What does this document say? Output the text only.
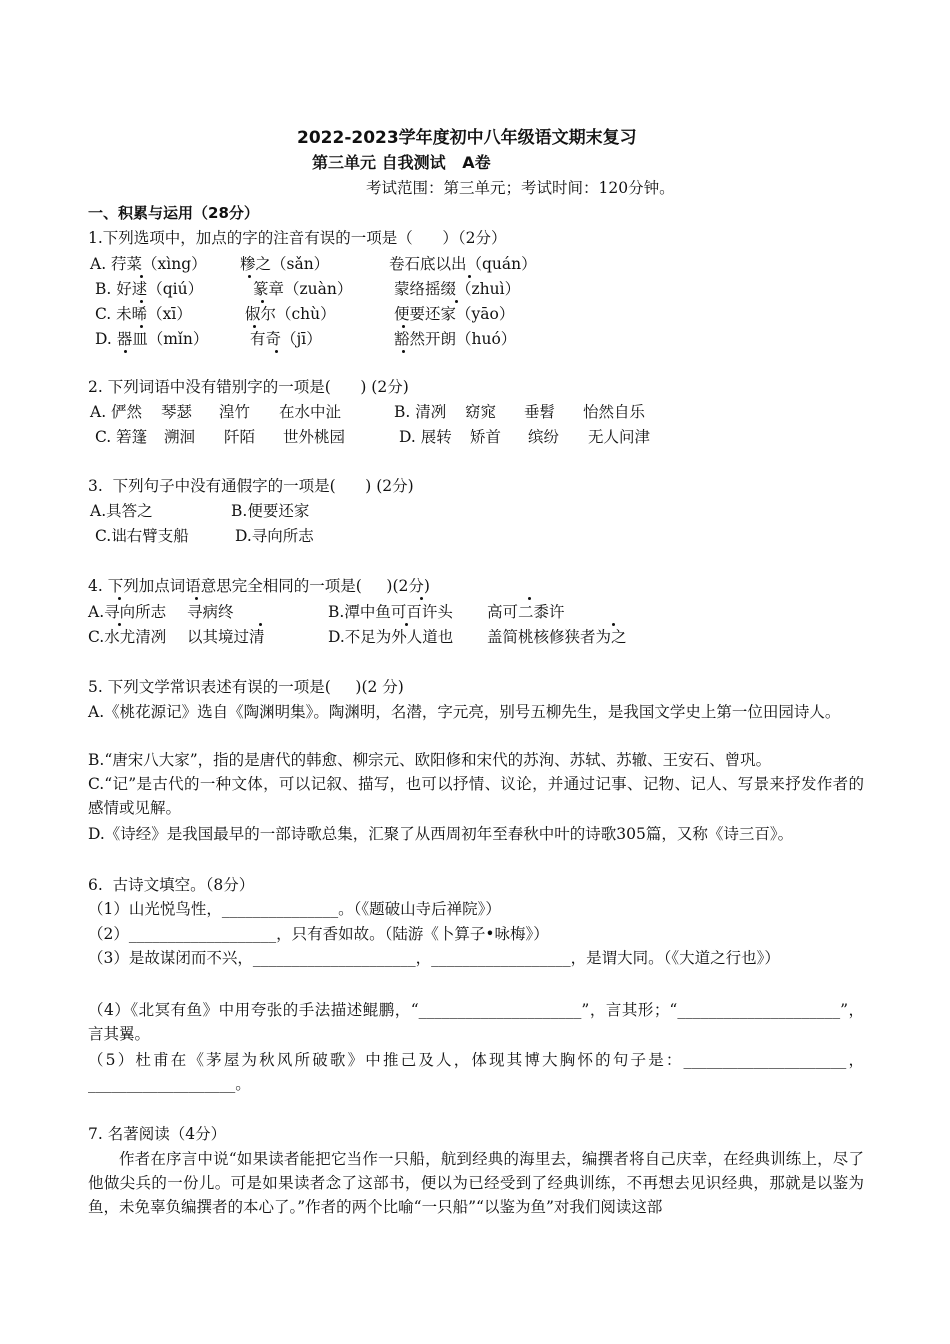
2022-2023学年度初中八年级语文期末复习
第三单元 自我测试   A卷
考试范围：第三单元；考试时间：120分钟。
一、积累与运用（28分）
1.下列选项中，加点的字的注音有误的一项是（      ）（2分）
A. 荇菜（xìng） 糁之（sǎn）	卷石底以出（quán）
B. 好逑（qiú）	篆章（zuàn）	蒙络摇缀（zhuì）
C. 未晞（xī）	俶尔（chù）	便要还家（yāo）
D. 器皿（mǐn）	有奇（jī）	豁然开朗（huó）
2. 下列词语中没有错别字的一项是(      ) (2分)
A. 俨然 琴瑟 湟竹 在水中沚	B. 清冽 窈窕 垂髫 怡然自乐
C. 箬篷 溯洄 阡陌 世外桃园	D. 展转 矫首 缤纷 无人问津
3.  下列句子中没有通假字的一项是(      ) (2分)
A.具答之	B.便要还家
C.诎右臂支船	D.寻向所志
4. 下列加点词语意思完全相同的一项是(     )(2分)
A.寻向所志 寻病终	B.潭中鱼可百许头 高可二黍许
C.水尤清冽 以其境过清	D.不足为外人道也 盖简桃核修狭者为之
5. 下列文学常识表述有误的一项是(     )(2 分)
A.《桃花源记》选自《陶渊明集》。陶渊明，名潜，字元亮，别号五柳先生，是我国文学史上第一位田园诗人。
B.“唐宋八大家”，指的是唐代的韩愈、柳宗元、欧阳修和宋代的苏洵、苏轼、苏辙、王安石、曾巩。
C.“记”是古代的一种文体，可以记叙、描写，也可以抒情、议论，并通过记事、记物、记人、写景来抒发作者的感情或见解。
D.《诗经》是我国最早的一部诗歌总集，汇聚了从西周初年至春秋中叶的诗歌305篇，又称《诗三百》。
6.  古诗文填空。（8分）
（1）山光悦鸟性，_______________。（《题破山寺后禅院》）
（2）___________________，只有香如故。（陆游《卜算子•咏梅》）
（3）是故谋闭而不兴，_____________________，__________________，是谓大同。（《大道之行也》）
（4）《北冥有鱼》中用夸张的手法描述鲲鹏，“_____________________”，言其形；“_____________________”，言其翼。
（5）杜甫在《茅屋为秋风所破歌》中推己及人，体现其博大胸怀的句子是：_____________________，___________________。
7. 名著阅读（4分）
作者在序言中说“如果读者能把它当作一只船，航到经典的海里去，编撰者将自己庆幸，在经典训练上，尽了他做尖兵的一份儿。可是如果读者念了这部书，便以为已经受到了经典训练，不再想去见识经典，那就是以鉴为鱼，未免辜负编撰者的本心了。”作者的两个比喻“一只船”“以鉴为鱼”对我们阅读这部
